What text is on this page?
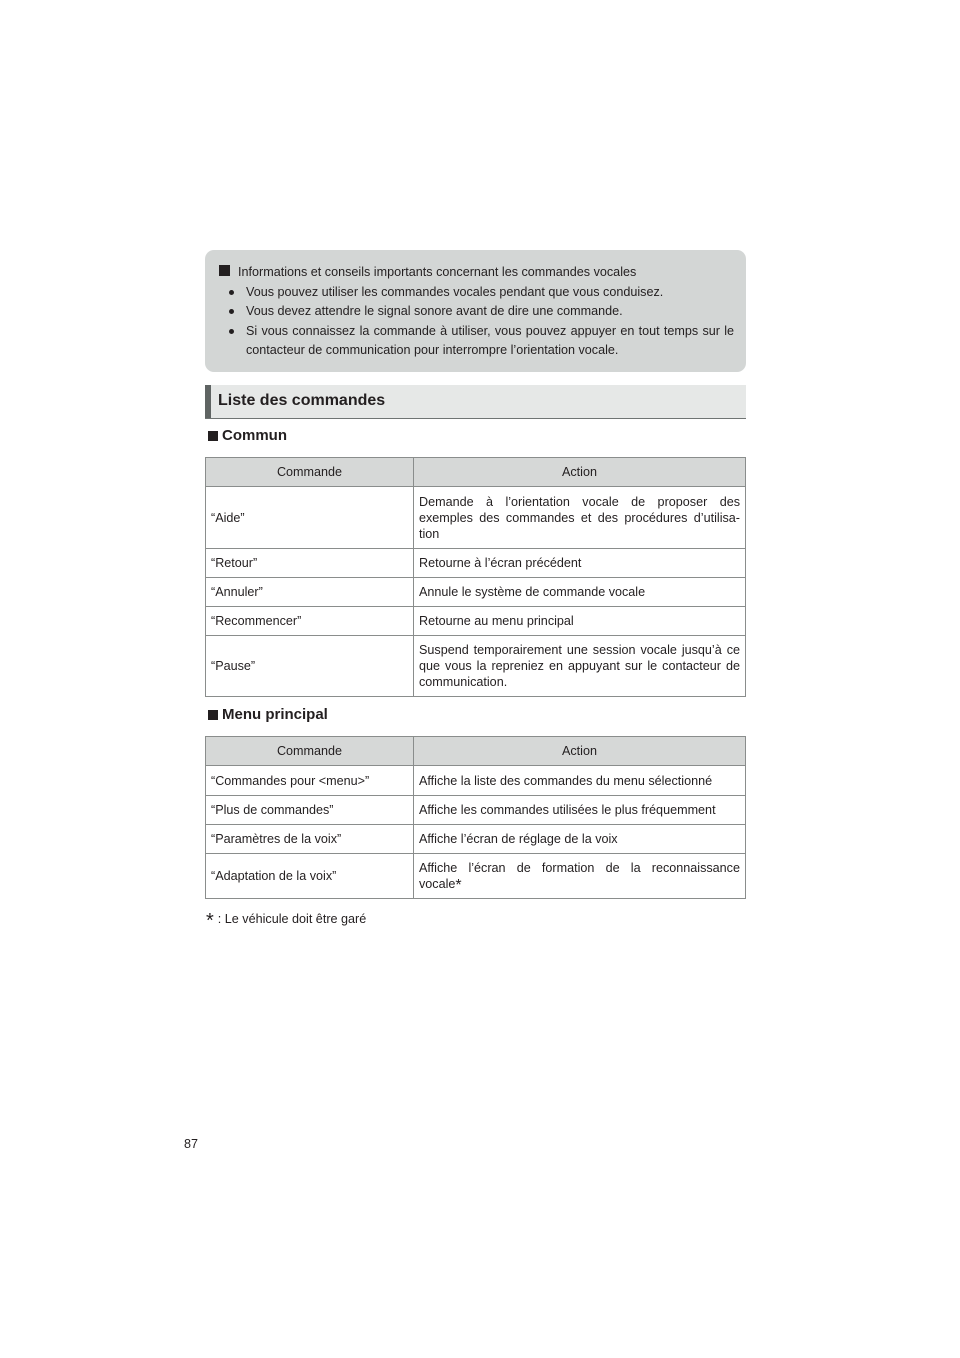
Informations et conseils importants concernant les commandes vocales
Vous pouvez utiliser les commandes vocales pendant que vous conduisez.
Vous devez attendre le signal sonore avant de dire une commande.
Si vous connaissez la commande à utiliser, vous pouvez appuyer en tout temps sur le contacteur de communication pour interrompre l’orientation vocale.
Liste des commandes
Commun
Commande	Action
“Aide”	Demande à l’orientation vocale de proposer des exemples des commandes et des procédures d’utilisa-tion
“Retour”	Retourne à l’écran précédent
“Annuler”	Annule le système de commande vocale
“Recommencer”	Retourne au menu principal
“Pause”	Suspend temporairement une session vocale jusqu’à ce que vous la repreniez en appuyant sur le contacteur de communication.
Menu principal
Commande	Action
“Commandes pour <menu>”	Affiche la liste des commandes du menu sélectionné
“Plus de commandes”	Affiche les commandes utilisées le plus fréquemment
“Paramètres de la voix”	Affiche l’écran de réglage de la voix
“Adaptation de la voix”	Affiche l’écran de formation de la reconnaissance vocale*
* : Le véhicule doit être garé
87
